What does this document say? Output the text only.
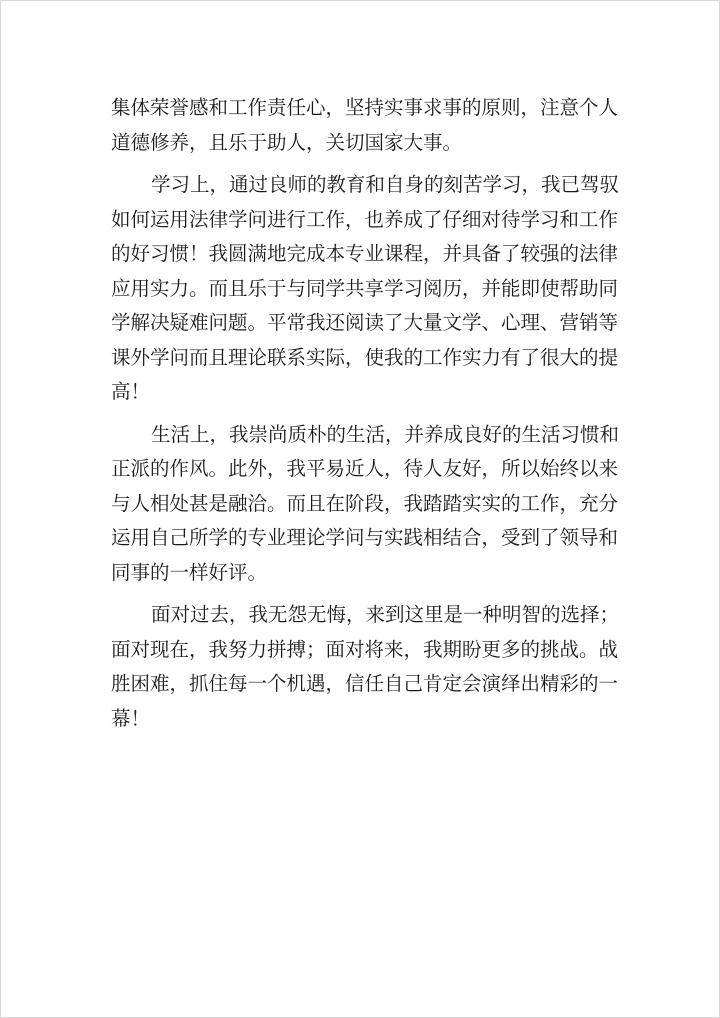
集体荣誉感和工作责任心，坚持实事求事的原则，注意个人
道德修养，且乐于助人，关切国家大事。
学习上，通过良师的教育和自身的刻苦学习，我已驾驭
如何运用法律学问进行工作，也养成了仔细对待学习和工作
的好习惯！我圆满地完成本专业课程，并具备了较强的法律
应用实力。而且乐于与同学共享学习阅历，并能即使帮助同
学解决疑难问题。平常我还阅读了大量文学、心理、营销等
课外学问而且理论联系实际，使我的工作实力有了很大的提
高！
生活上，我崇尚质朴的生活，并养成良好的生活习惯和
正派的作风。此外，我平易近人，待人友好，所以始终以来
与人相处甚是融洽。而且在阶段，我踏踏实实的工作，充分
运用自己所学的专业理论学问与实践相结合，受到了领导和
同事的一样好评。
面对过去，我无怨无悔，来到这里是一种明智的选择；
面对现在，我努力拼搏；面对将来，我期盼更多的挑战。战
胜困难，抓住每一个机遇，信任自己肯定会演绎出精彩的一
幕！
